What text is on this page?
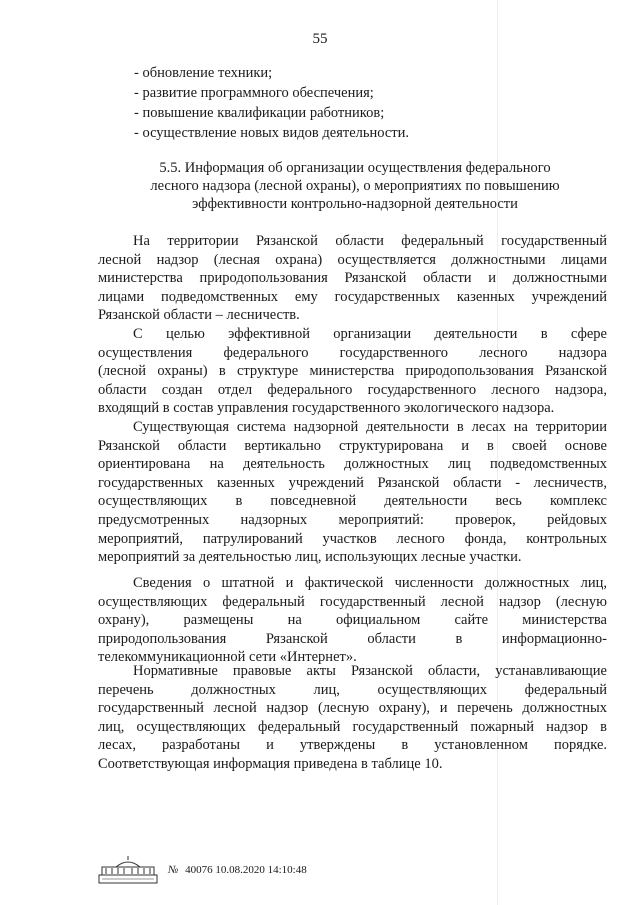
55
- обновление техники;
- развитие программного обеспечения;
- повышение квалификации работников;
- осуществление новых видов деятельности.
5.5. Информация об организации осуществления федерального
лесного надзора (лесной охраны), о мероприятиях по повышению
эффективности контрольно-надзорной деятельности
На территории Рязанской области федеральный государственный
лесной надзор (лесная охрана) осуществляется должностными лицами
министерства природопользования Рязанской области и должностными
лицами подведомственных ему государственных казенных учреждений
Рязанской области – лесничеств.
С целью эффективной организации деятельности в сфере
осуществления федерального государственного лесного надзора
(лесной охраны) в структуре министерства природопользования Рязанской
области создан отдел федерального государственного лесного надзора,
входящий в состав управления государственного экологического надзора.
Существующая система надзорной деятельности в лесах на территории
Рязанской области вертикально структурирована и в своей основе
ориентирована на деятельность должностных лиц подведомственных
государственных казенных учреждений Рязанской области - лесничеств,
осуществляющих в повседневной деятельности весь комплекс
предусмотренных надзорных мероприятий: проверок, рейдовых
мероприятий, патрулирований участков лесного фонда, контрольных
мероприятий за деятельностью лиц, использующих лесные участки.
Сведения о штатной и фактической численности должностных лиц,
осуществляющих федеральный государственный лесной надзор (лесную
охрану), размещены на официальном сайте министерства
природопользования Рязанской области в информационно-
телекоммуникационной сети «Интернет».
Нормативные правовые акты Рязанской области, устанавливающие
перечень должностных лиц, осуществляющих федеральный
государственный лесной надзор (лесную охрану), и перечень должностных
лиц, осуществляющих федеральный государственный пожарный надзор в
лесах, разработаны и утверждены в установленном порядке.
Соответствующая информация приведена в таблице 10.
№ 40076 10.08.2020 14:10:48
